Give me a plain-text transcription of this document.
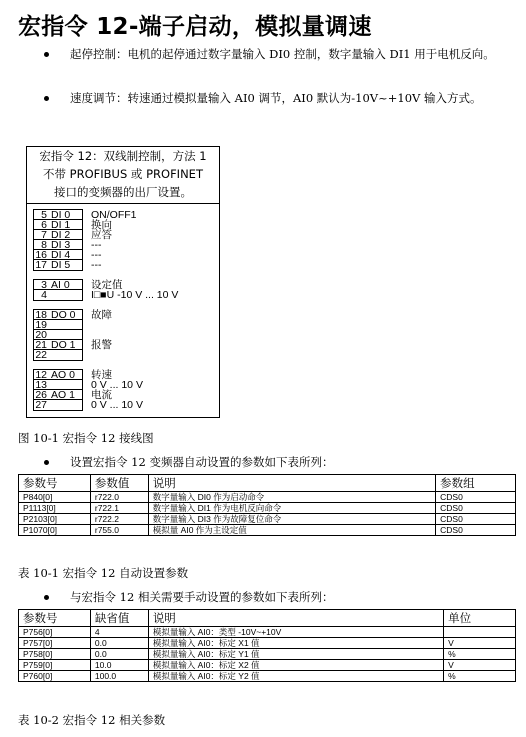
宏指令 12-端子启动，模拟量调速
起停控制：电机的起停通过数字量输入 DI0 控制，数字量输入 DI1 用于电机反向。
速度调节：转速通过模拟量输入 AI0 调节，AI0 默认为-10V~+10V 输入方式。
宏指令 12：双线制控制，方法 1
不带 PROFIBUS 或 PROFINET
接口的变频器的出厂设置。
5 DI 0 ON/OFF1
6 DI 1 换向
7 DI 2 应答
8 DI 3 ---
16 DI 4 ---
17 DI 5 ---
3 AI 0 设定值
4	I□■U -10 V ... 10 V
18 DO 0 故障
19
20
21 DO 1 报警
22
12 AO 0 转速
13	0 V ... 10 V
26 AO 1 电流
27	0 V ... 10 V
图 10-1 宏指令 12 接线图
设置宏指令 12 变频器自动设置的参数如下表所列：
参数号	参数值	说明	参数组
P840[0]	r722.0	数字量输入 DI0 作为启动命令	CDS0
P1113[0]	r722.1	数字量输入 DI1 作为电机反向命令	CDS0
P2103[0]	r722.2	数字量输入 DI3 作为故障复位命令	CDS0
P1070[0]	r755.0	模拟量 AI0 作为主设定值	CDS0
表 10-1 宏指令 12 自动设置参数
与宏指令 12 相关需要手动设置的参数如下表所列：
参数号	缺省值	说明	单位
P756[0]	4	模拟量输入 AI0：类型 -10V~+10V	
P757[0]	0.0	模拟量输入 AI0：标定 X1 值	V
P758[0]	0.0	模拟量输入 AI0：标定 Y1 值	%
P759[0]	10.0	模拟量输入 AI0：标定 X2 值	V
P760[0]	100.0	模拟量输入 AI0：标定 Y2 值	%
表 10-2 宏指令 12 相关参数
